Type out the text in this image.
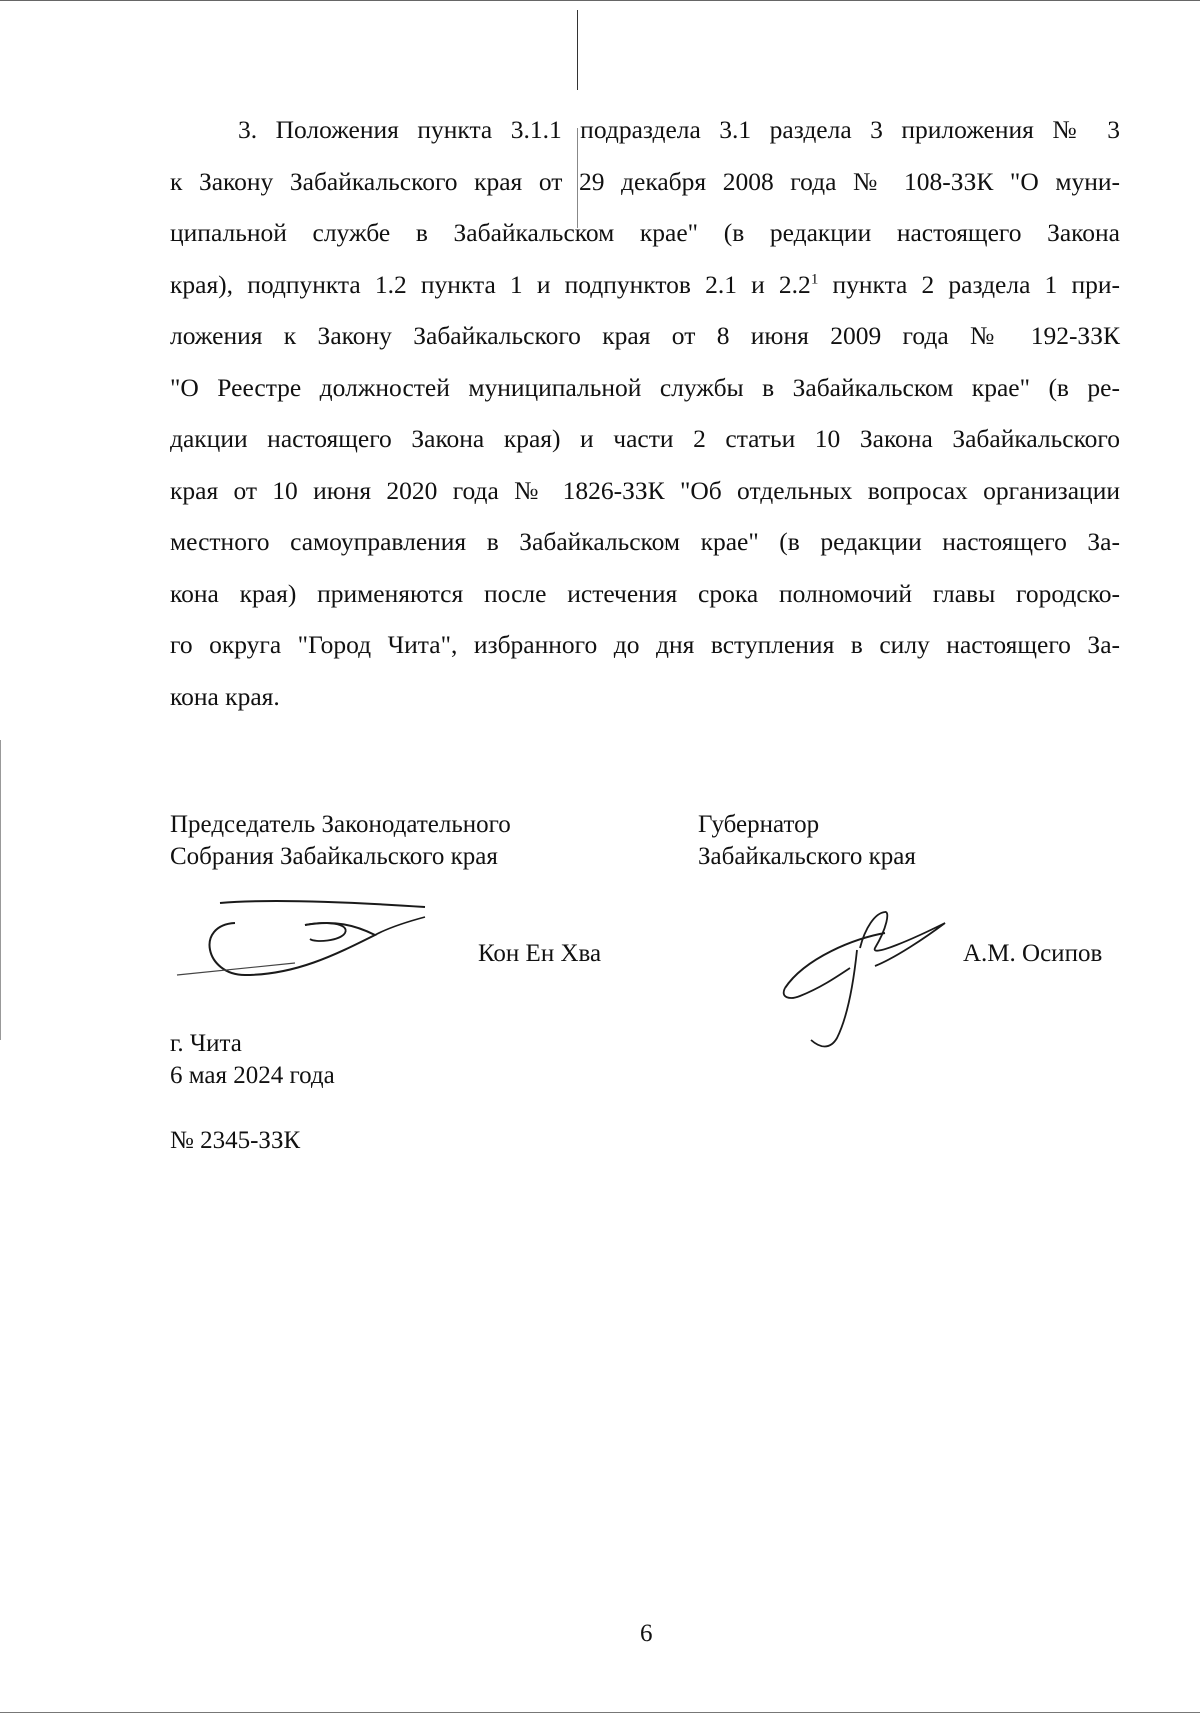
3. Положения пункта 3.1.1 подраздела 3.1 раздела 3 приложения № 3
к Закону Забайкальского края от 29 декабря 2008 года № 108-ЗЗК "О муни-
ципальной службе в Забайкальском крае" (в редакции настоящего Закона
края), подпункта 1.2 пункта 1 и подпунктов 2.1 и $2.2^1$ пункта 2 раздела 1 при-
ложения к Закону Забайкальского края от 8 июня 2009 года № 192-ЗЗК
"О Реестре должностей муниципальной службы в Забайкальском крае" (в ре-
дакции настоящего Закона края) и части 2 статьи 10 Закона Забайкальского
края от 10 июня 2020 года № 1826-ЗЗК "Об отдельных вопросах организации
местного самоуправления в Забайкальском крае" (в редакции настоящего За-
кона края) применяются после истечения срока полномочий главы городско-
го округа "Город Чита", избранного до дня вступления в силу настоящего За-
кона края.
Председатель Законодательного
Собрания Забайкальского края
Кон Ен Хва
Губернатор
Забайкальского края
А.М. Осипов
г. Чита
6 мая 2024 года
№ 2345-ЗЗК
6
